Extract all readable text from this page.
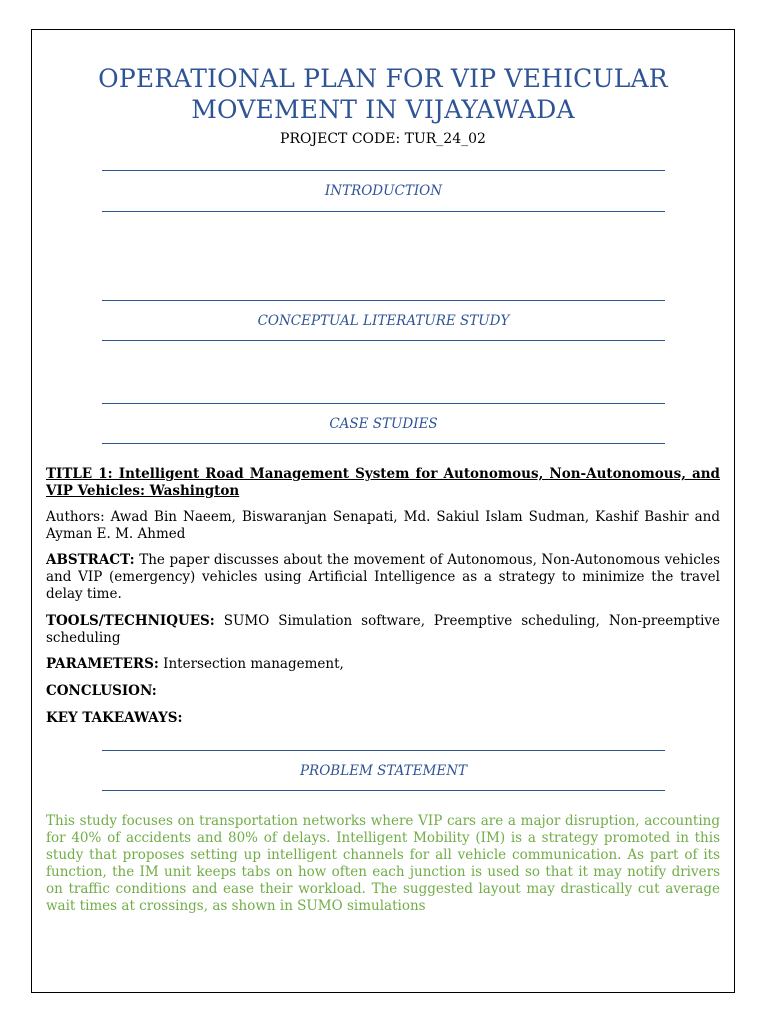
OPERATIONAL PLAN FOR VIP VEHICULAR MOVEMENT IN VIJAYAWADA
PROJECT CODE: TUR_24_02
INTRODUCTION
CONCEPTUAL LITERATURE STUDY
CASE STUDIES
TITLE 1: Intelligent Road Management System for Autonomous, Non-Autonomous, and VIP Vehicles: Washington
Authors: Awad Bin Naeem, Biswaranjan Senapati, Md. Sakiul Islam Sudman, Kashif Bashir and Ayman E. M. Ahmed
ABSTRACT: The paper discusses about the movement of Autonomous, Non-Autonomous vehicles and VIP (emergency) vehicles using Artificial Intelligence as a strategy to minimize the travel delay time.
TOOLS/TECHNIQUES: SUMO Simulation software, Preemptive scheduling, Non-preemptive scheduling
PARAMETERS: Intersection management,
CONCLUSION:
KEY TAKEAWAYS:
PROBLEM STATEMENT
This study focuses on transportation networks where VIP cars are a major disruption, accounting for 40% of accidents and 80% of delays. Intelligent Mobility (IM) is a strategy promoted in this study that proposes setting up intelligent channels for all vehicle communication. As part of its function, the IM unit keeps tabs on how often each junction is used so that it may notify drivers on traffic conditions and ease their workload. The suggested layout may drastically cut average wait times at crossings, as shown in SUMO simulations
